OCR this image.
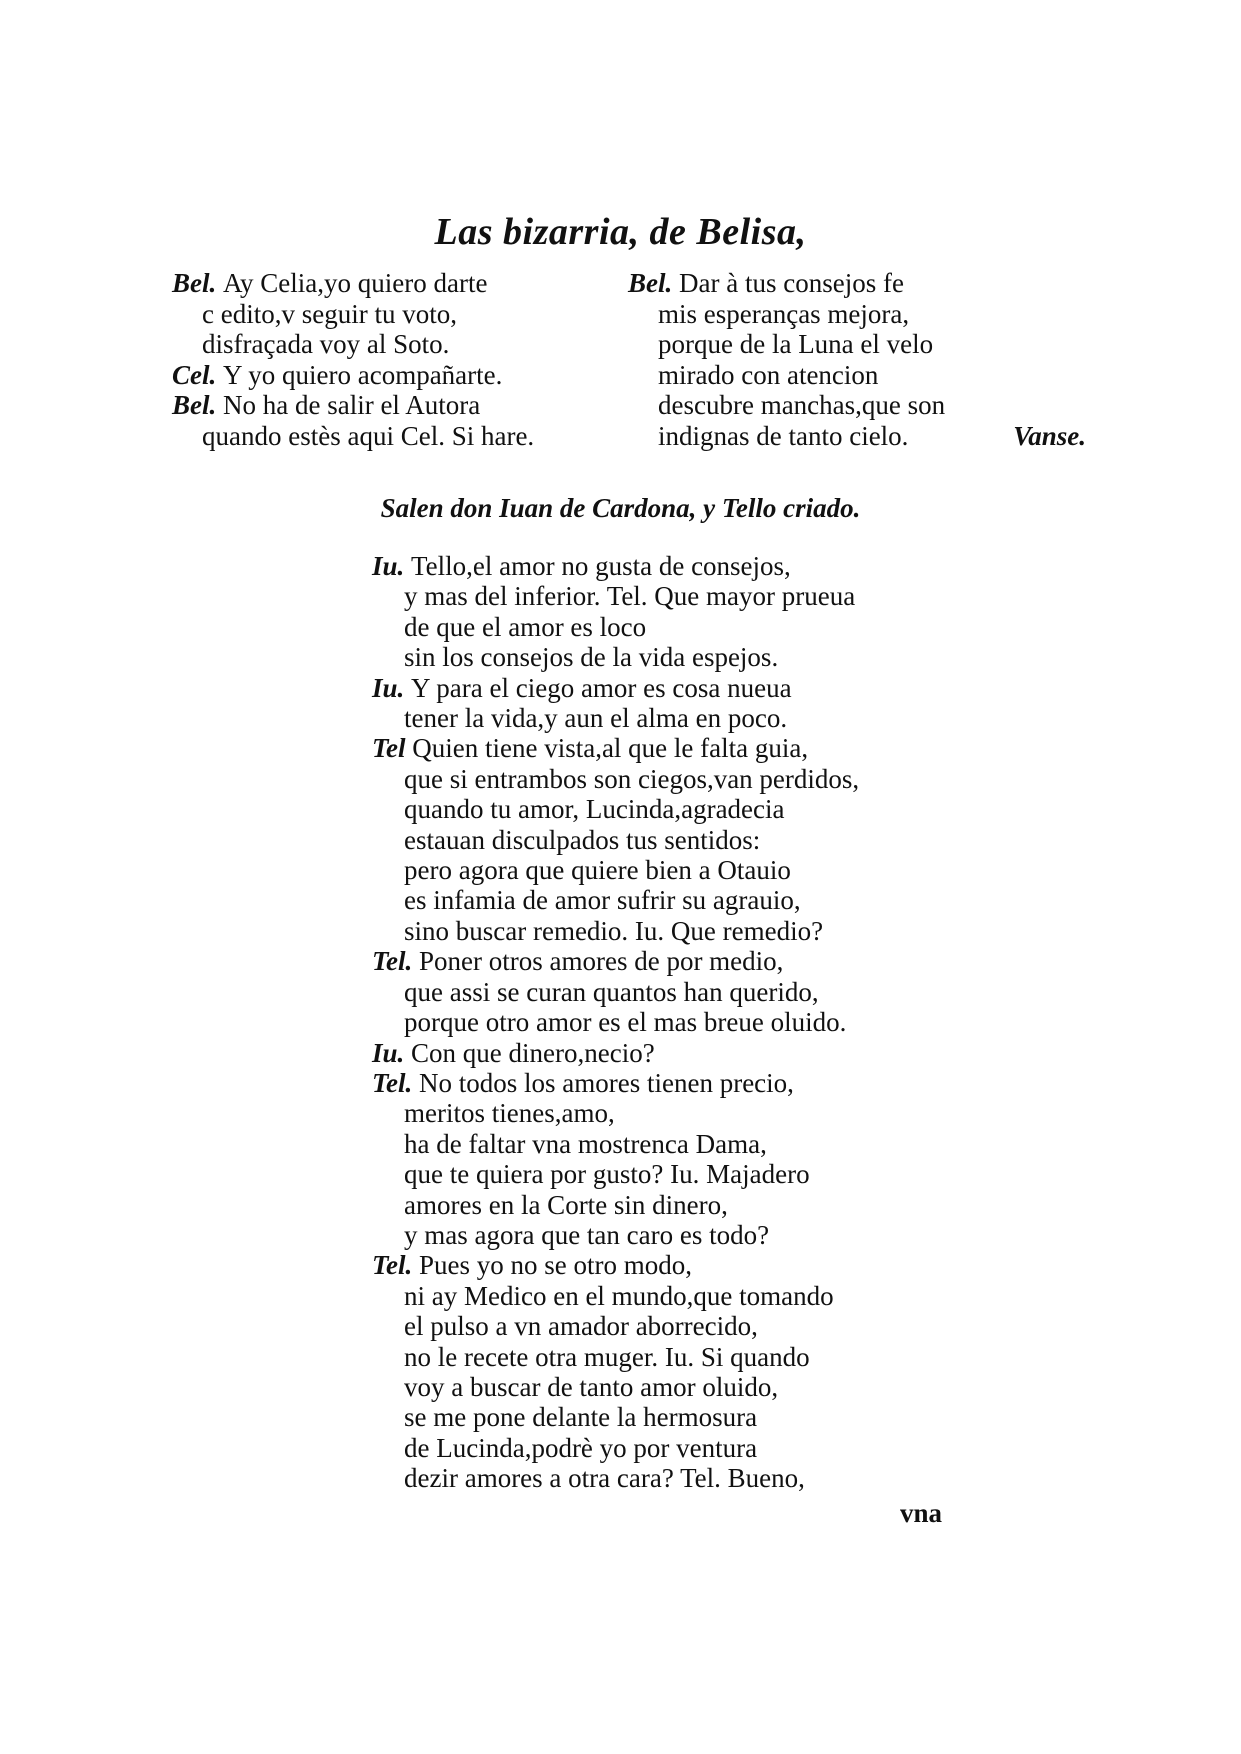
Las bizarria, de Belisa,
Bel. Ay Celia,yo quiero darte
c edito,v seguir tu voto,
disfraçada voy al Soto.
Cel. Y yo quiero acompañarte.
Bel. No ha de salir el Autora
quando estès aqui Cel. Si hare.
Bel. Dar à tus consejos fe
mis esperanças mejora,
porque de la Luna el velo
mirado con atencion
descubre manchas,que son
indignas de tanto cielo.	Vanse.
Salen don Iuan de Cardona, y Tello criado.
Iu. Tello,el amor no gusta de consejos,
y mas del inferior. Tel. Que mayor prueua
de que el amor es loco
sin los consejos de la vida espejos.
Iu. Y para el ciego amor es cosa nueua
tener la vida,y aun el alma en poco.
Tel Quien tiene vista,al que le falta guia,
que si entrambos son ciegos,van perdidos,
quando tu amor, Lucinda,agradecia
estauan disculpados tus sentidos:
pero agora que quiere bien a Otauio
es infamia de amor sufrir su agrauio,
sino buscar remedio. Iu. Que remedio?
Tel. Poner otros amores de por medio,
que assi se curan quantos han querido,
porque otro amor es el mas breue oluido.
Iu. Con que dinero,necio?
Tel. No todos los amores tienen precio,
meritos tienes,amo,
ha de faltar vna mostrenca Dama,
que te quiera por gusto? Iu. Majadero
amores en la Corte sin dinero,
y mas agora que tan caro es todo?
Tel. Pues yo no se otro modo,
ni ay Medico en el mundo,que tomando
el pulso a vn amador aborrecido,
no le recete otra muger. Iu. Si quando
voy a buscar de tanto amor oluido,
se me pone delante la hermosura
de Lucinda,podrè yo por ventura
dezir amores a otra cara? Tel. Bueno,
vna
